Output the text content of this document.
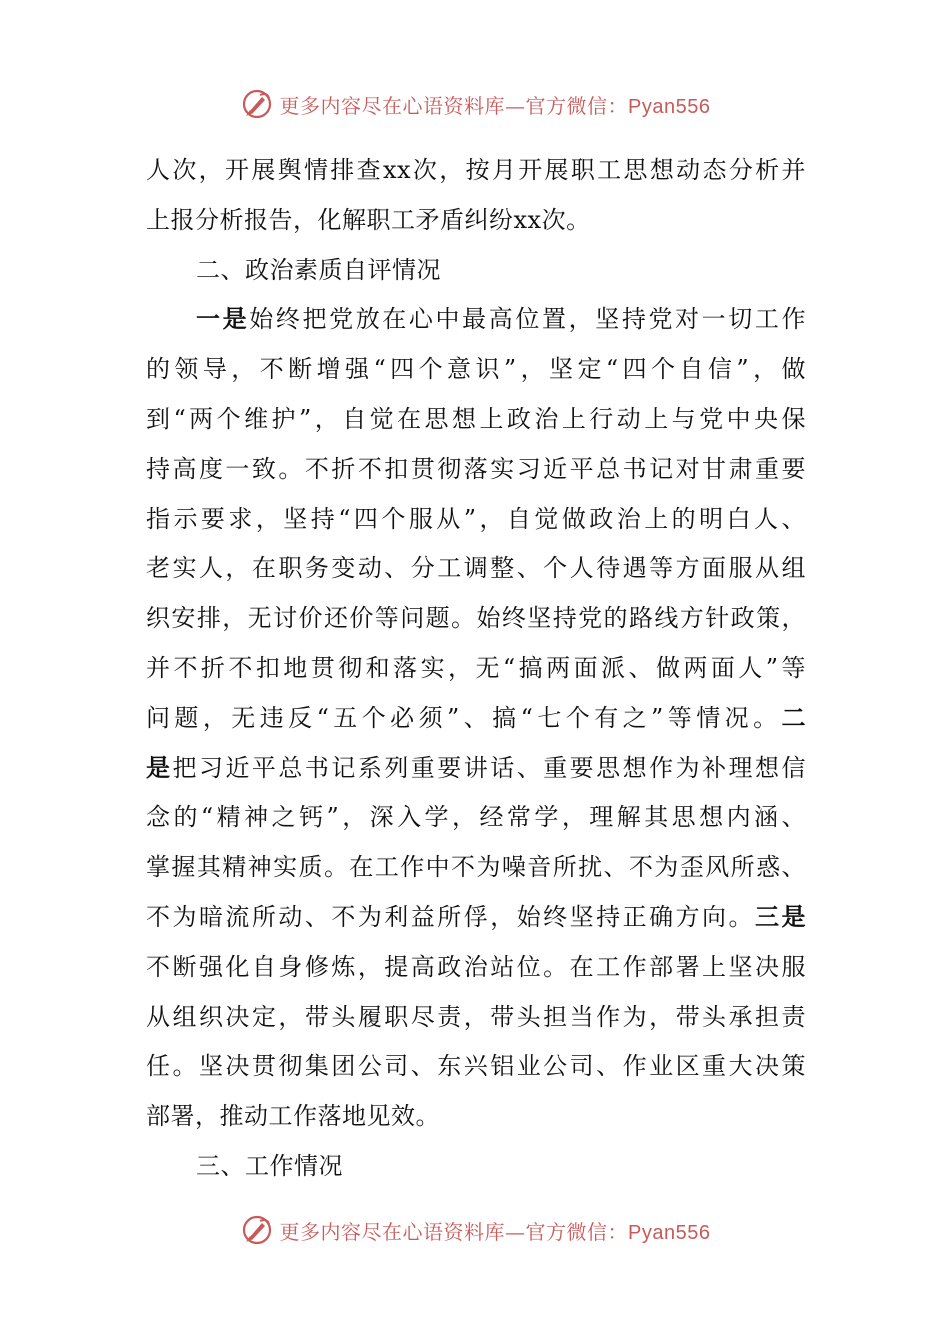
更多内容尽在心语资料库—官方微信：Pyan556
人次，开展舆情排查xx次，按月开展职工思想动态分析并
上报分析报告，化解职工矛盾纠纷xx次。
二、政治素质自评情况
一是始终把党放在心中最高位置，坚持党对一切工作
的领导，不断增强“四个意识”，坚定“四个自信”，做
到“两个维护”，自觉在思想上政治上行动上与党中央保
持高度一致。不折不扣贯彻落实习近平总书记对甘肃重要
指示要求，坚持“四个服从”，自觉做政治上的明白人、
老实人，在职务变动、分工调整、个人待遇等方面服从组
织安排，无讨价还价等问题。始终坚持党的路线方针政策，
并不折不扣地贯彻和落实，无“搞两面派、做两面人”等
问题，无违反“五个必须”、搞“七个有之”等情况。二
是把习近平总书记系列重要讲话、重要思想作为补理想信
念的“精神之钙”，深入学，经常学，理解其思想内涵、
掌握其精神实质。在工作中不为噪音所扰、不为歪风所惑、
不为暗流所动、不为利益所俘，始终坚持正确方向。三是
不断强化自身修炼，提高政治站位。在工作部署上坚决服
从组织决定，带头履职尽责，带头担当作为，带头承担责
任。坚决贯彻集团公司、东兴铝业公司、作业区重大决策
部署，推动工作落地见效。
三、工作情况
更多内容尽在心语资料库—官方微信：Pyan556
